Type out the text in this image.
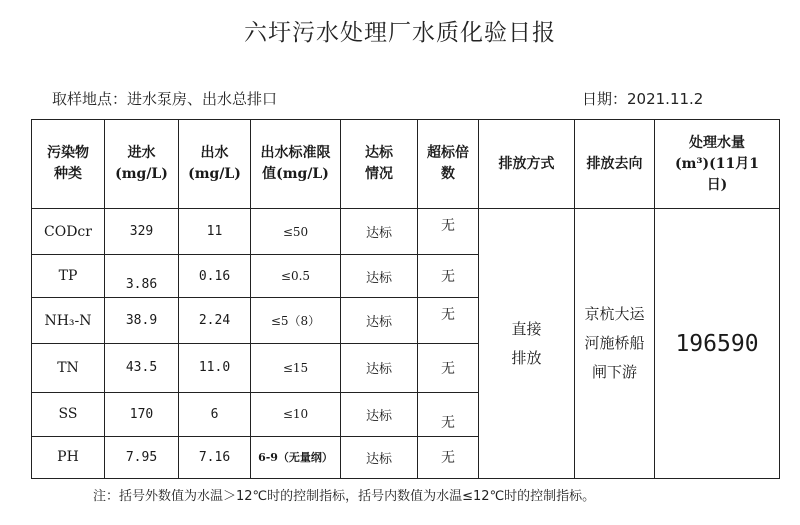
六圩污水处理厂水质化验日报
取样地点：进水泵房、出水总排口	日期：2021.11.2
污染物种类	进水(mg/L)	出水(mg/L)	出水标准限值(mg/L)	达标情况	超标倍数	排放方式	排放去向	处理水量(m³)(11月1日)

CODcr	329	11	≤50	达标	无	直接排放	京杭大运河施桥船闸下游	196590
TP	3.86	0.16	≤0.5	达标	无			
NH₃-N	38.9	2.24	≤5（8）	达标	无			
TN	43.5	11.0	≤15	达标	无			
SS	170	6	≤10	达标	无			
PH	7.95	7.16	6-9（无量纲）	达标	无			
注：括号外数值为水温＞12℃时的控制指标，括号内数值为水温≤12℃时的控制指标。
